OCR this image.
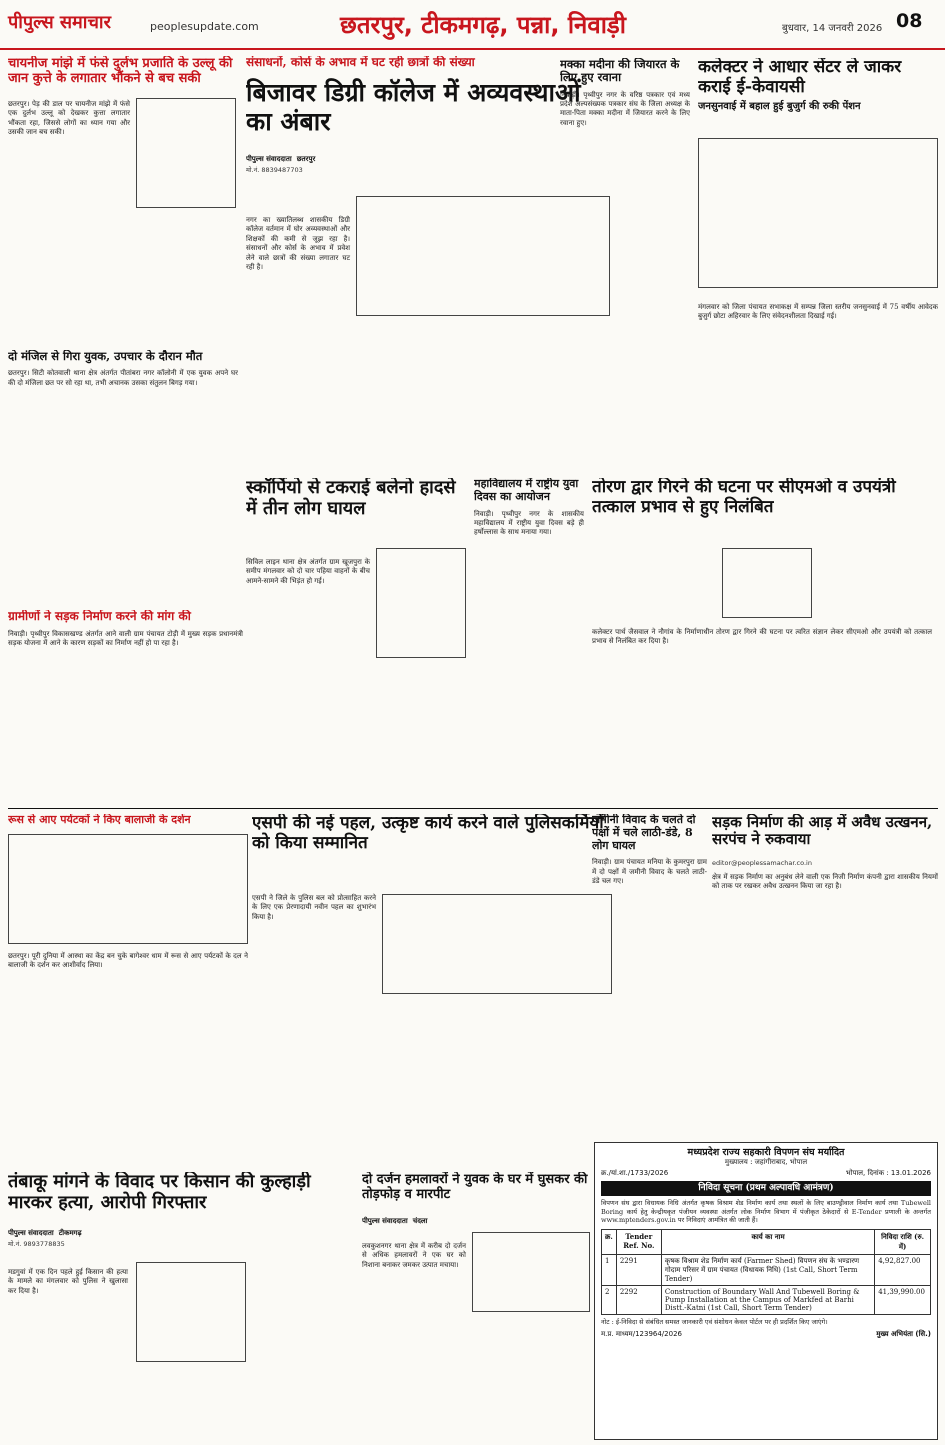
पीपुल्स समाचार	peoplesupdate.com	छतरपुर, टीकमगढ़, पन्ना, निवाड़ी	बुधवार, 14 जनवरी 2026 08
चायनीज मांझे में फंसे दुर्लभ प्रजाति के उल्लू की जान कुत्ते के लगातार भौंकने से बच सकी
छतरपुर। पेड़ की डाल पर चायनीज मांझे में फंसे एक दुर्लभ उल्लू को देखकर कुत्ता लगातार भौंकता रहा, जिससे लोगों का ध्यान गया और उसकी जान बच सकी।
दो मंजिल से गिरा युवक, उपचार के दौरान मौत
छतरपुर। सिटी कोतवाली थाना क्षेत्र अंतर्गत पीतांबरा नगर कॉलोनी में एक युवक अपने घर की दो मंजिला छत पर सो रहा था, तभी अचानक उसका संतुलन बिगड़ गया।
ग्रामीणों ने सड़क निर्माण करने की मांग की
निवाड़ी। पृथ्वीपुर विकासखण्ड अंतर्गत आने वाली ग्राम पंचायत टोड़ी में मुख्य सड़क प्रधानमंत्री सड़क योजना में आने के कारण सड़कों का निर्माण नहीं हो पा रहा है।
संसाधनों, कोर्स के अभाव में घट रही छात्रों की संख्या
बिजावर डिग्री कॉलेज में अव्यवस्थाओं का अंबार
पीपुल्स संवाददाता छतरपुर
मो.नं. 8839487703
नगर का ख्यातिलब्ध शासकीय डिग्री कॉलेज वर्तमान में घोर अव्यवस्थाओं और शिक्षकों की कमी से जूझ रहा है। संसाधनों और कोर्स के अभाव में प्रवेश लेने वाले छात्रों की संख्या लगातार घट रही है।
मक्का मदीना की जियारत के लिए हुए रवाना
निवाड़ी। पृथ्वीपुर नगर के वरिष्ठ पत्रकार एवं मध्य प्रदेश अल्पसंख्यक पत्रकार संघ के जिला अध्यक्ष के माता-पिता मक्का मदीना में जियारत करने के लिए रवाना हुए।
कलेक्टर ने आधार सेंटर ले जाकर कराई ई-केवायसी
जनसुनवाई में बहाल हुई बुजुर्ग की रुकी पेंशन
मंगलवार को जिला पंचायत सभाकक्ष में सम्पन्न जिला स्तरीय जनसुनवाई में 75 वर्षीय आवेदक बुजुर्ग छोटा अहिरवार के लिए संवेदनशीलता दिखाई गई।
स्कॉर्पियो से टकराई बलेनो हादसे में तीन लोग घायल
सिविल लाइन थाना क्षेत्र अंतर्गत ग्राम खूजपुरा के समीप मंगलवार को दो चार पहिया वाहनों के बीच आमने-सामने की भिड़ंत हो गई।
महाविद्यालय में राष्ट्रीय युवा दिवस का आयोजन
निवाड़ी। पृथ्वीपुर नगर के शासकीय महाविद्यालय में राष्ट्रीय युवा दिवस बड़े ही हर्षोल्लास के साथ मनाया गया।
तोरण द्वार गिरने की घटना पर सीएमओ व उपयंत्री तत्काल प्रभाव से हुए निलंबित
कलेक्टर पार्थ जैसवाल ने नौगांव के निर्माणाधीन तोरण द्वार गिरने की घटना पर त्वरित संज्ञान लेकर सीएमओ और उपयंत्री को तत्काल प्रभाव से निलंबित कर दिया है।
रूस से आए पर्यटकों ने किए बालाजी के दर्शन
छतरपुर। पूरी दुनिया में आस्था का केंद्र बन चुके बागेश्वर धाम में रूस से आए पर्यटकों के दल ने बालाजी के दर्शन कर आशीर्वाद लिया।
एसपी की नई पहल, उत्कृष्ट कार्य करने वाले पुलिसकर्मियों को किया सम्मानित
एसपी ने जिले के पुलिस बल को प्रोत्साहित करने के लिए एक प्रेरणादायी नवीन पहल का शुभारंभ किया है।
जमीनी विवाद के चलते दो पक्षों में चले लाठी-डंडे, 8 लोग घायल
निवाड़ी। ग्राम पंचायत मनिया के कुमरपुरा ग्राम में दो पक्षों में जमीनी विवाद के चलते लाठी-डंडे चल गए।
सड़क निर्माण की आड़ में अवैध उत्खनन, सरपंच ने रुकवाया
editor@peoplessamachar.co.in
क्षेत्र में सड़क निर्माण का अनुबंध लेने वाली एक निजी निर्माण कंपनी द्वारा शासकीय नियमों को ताक पर रखकर अवैध उत्खनन किया जा रहा है।
तंबाकू मांगने के विवाद पर किसान की कुल्हाड़ी मारकर हत्या, आरोपी गिरफ्तार
पीपुल्स संवाददाता टीकमगढ़
मो.नं. 9893778835
मडगुवां में एक दिन पहले हुई किसान की हत्या के मामले का मंगलवार को पुलिस ने खुलासा कर दिया है।
दो दर्जन हमलावरों ने युवक के घर में घुसकर की तोड़फोड़ व मारपीट
पीपुल्स संवाददाता चंदला
लवकुशनगर थाना क्षेत्र में करीब दो दर्जन से अधिक हमलावरों ने एक घर को निशाना बनाकर जमकर उत्पात मचाया।
मध्यप्रदेश राज्य सहकारी विपणन संघ मर्यादित
मुख्यालय : जहांगीराबाद, भोपाल
क्र./यां.शा./1733/2026	भोपाल, दिनांक : 13.01.2026
निविदा सूचना (प्रथम अल्पावधि आमंत्रण)
विपणन संघ द्वारा विधायक निधि अंतर्गत कृषक विश्राम शेड निर्माण कार्य तथा स्थलों के लिए बाउण्ड्रीवाल निर्माण कार्य तथा Tubewell Boring कार्य हेतु केन्द्रीयकृत पंजीयन व्यवस्था अंतर्गत लोक निर्माण विभाग में पंजीकृत ठेकेदारों से E-Tender प्रणाली के अन्तर्गत www.mptenders.gov.in पर निविदाएं आमंत्रित की जाती हैं।
क्र.	Tender Ref. No.	कार्य का नाम	निविदा राशि (रु. में)
1	2291	कृषक विश्राम शेड निर्माण कार्य (Farmer Shed) विपणन संघ के भण्डारण गोदाम परिसर में ग्राम पंचायत (विधायक निधि) (1st Call, Short Term Tender)	4,92,827.00
2	2292	Construction of Boundary Wall And Tubewell Boring & Pump Installation at the Campus of Markfed at Barhi Distt.-Katni (1st Call, Short Term Tender)	41,39,990.00
नोट : ई-निविदा से संबंधित समस्त जानकारी एवं संशोधन केवल पोर्टल पर ही प्रदर्शित किए जाएंगे।
म.प्र. माध्यम/123964/2026	मुख्य अभियंता (सि.)
